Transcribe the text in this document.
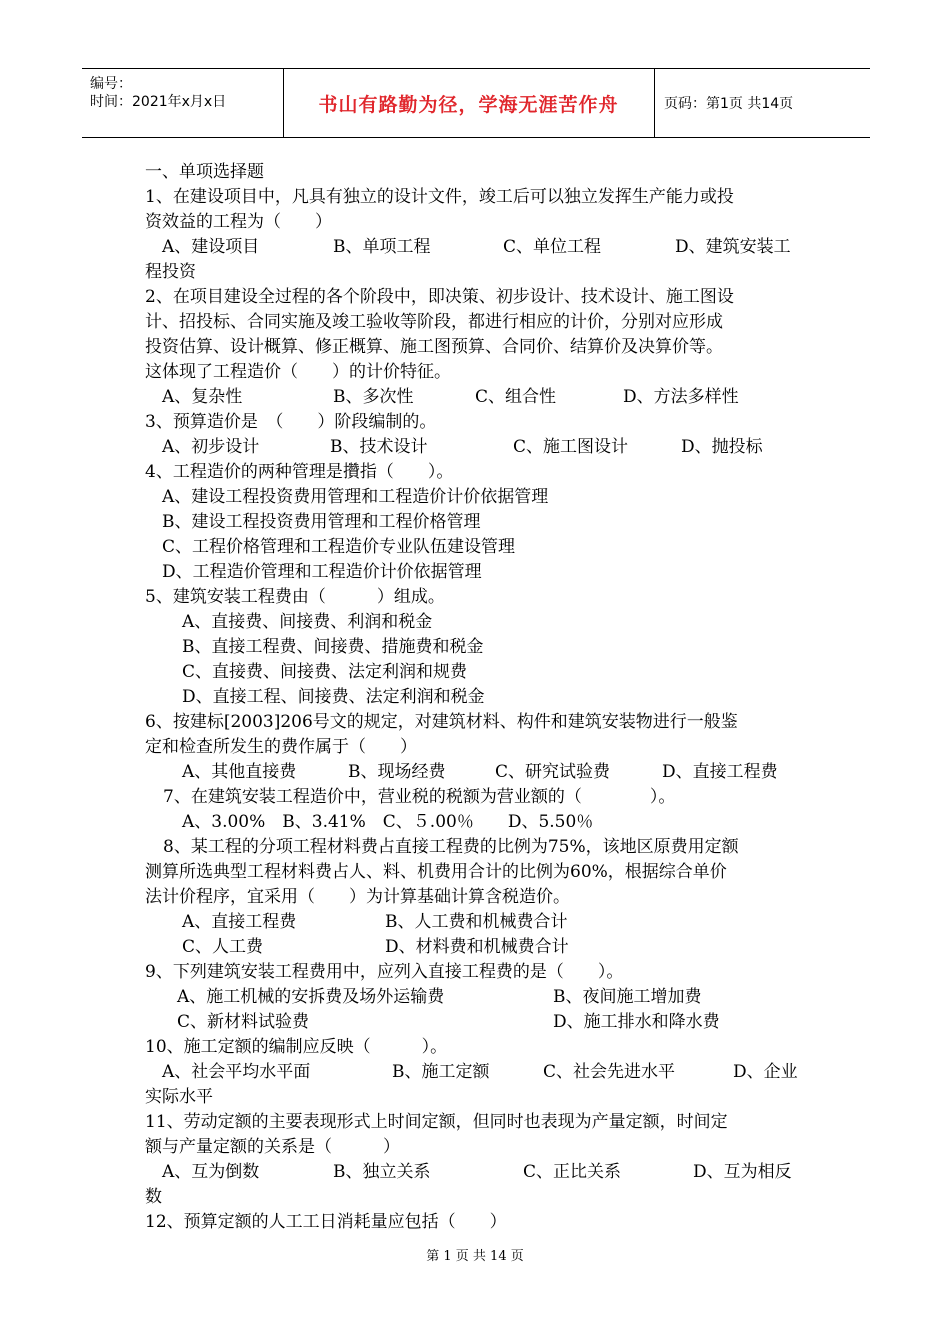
编号：
时间：2021年x月x日	书山有路勤为径，学海无涯苦作舟	页码：第1页 共14页
一、单项选择题
1、在建设项目中，凡具有独立的设计文件，竣工后可以独立发挥生产能力或投
资效益的工程为（　　）
A、建设项目	B、单项工程	C、单位工程	D、建筑安装工
程投资
2、在项目建设全过程的各个阶段中，即决策、初步设计、技术设计、施工图设
计、招投标、合同实施及竣工验收等阶段，都进行相应的计价，分别对应形成
投资估算、设计概算、修正概算、施工图预算、合同价、结算价及决算价等。
这体现了工程造价（　　）的计价特征。
A、复杂性	B、多次性	C、组合性	D、方法多样性
3、预算造价是　（　　）阶段编制的。
A、初步设计	B、技术设计	C、施工图设计	D、抛投标
4、工程造价的两种管理是攢指（　　）。
A、建设工程投资费用管理和工程造价计价依据管理
B、建设工程投资费用管理和工程价格管理
C、工程价格管理和工程造价专业队伍建设管理
D、工程造价管理和工程造价计价依据管理
5、建筑安装工程费由（　　　）组成。
A、直接费、间接费、利润和税金
B、直接工程费、间接费、措施费和税金
C、直接费、间接费、法定利润和规费
D、直接工程、间接费、法定利润和税金
6、按建标[2003]206号文的规定，对建筑材料、构件和建筑安装物进行一般鉴
定和检查所发生的费作属于（　　）
A、其他直接费	B、现场经费	C、研究试验费	D、直接工程费
7、在建筑安装工程造价中，营业税的税额为营业额的（　　　　）。
A、3.00%　B、3.41%　C、５.00％　　D、5.50％
8、某工程的分项工程材料费占直接工程费的比例为75%，该地区原费用定额
测算所选典型工程材料费占人、料、机费用合计的比例为60%，根据综合单价
法计价程序，宜采用（　　）为计算基础计算含税造价。
A、直接工程费	B、人工费和机械费合计
C、人工费	D、材料费和机械费合计
9、下列建筑安装工程费用中，应列入直接工程费的是（　　）。
A、施工机械的安拆费及场外运输费	B、夜间施工增加费
C、新材料试验费	D、施工排水和降水费
10、施工定额的编制应反映（　　　）。
A、社会平均水平面	B、施工定额	C、社会先进水平	D、企业
实际水平
11、劳动定额的主要表现形式上时间定额，但同时也表现为产量定额，时间定
额与产量定额的关系是（　　　）
A、互为倒数	B、独立关系	C、正比关系	D、互为相反
数
12、预算定额的人工工日消耗量应包括（　　）
第 1 页 共 14 页
